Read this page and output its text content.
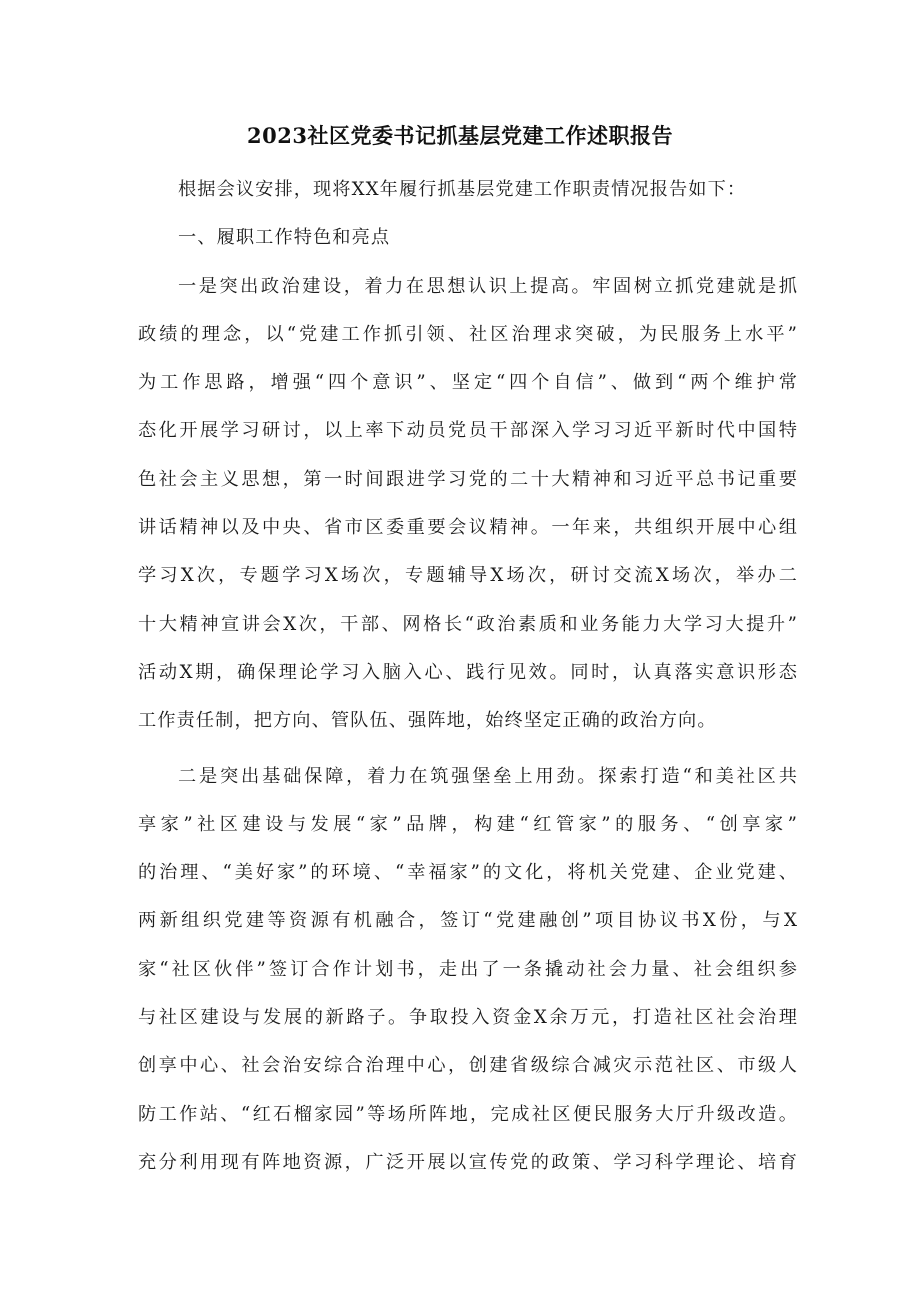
2023社区党委书记抓基层党建工作述职报告

根据会议安排，现将XX年履行抓基层党建工作职责情况报告如下：

一、履职工作特色和亮点

一是突出政治建设，着力在思想认识上提高。牢固树立抓党建就是抓
政绩的理念，以“党建工作抓引领、社区治理求突破，为民服务上水平”
为工作思路，增强“四个意识”、坚定“四个自信”、做到“两个维护常
态化开展学习研讨，以上率下动员党员干部深入学习习近平新时代中国特
色社会主义思想，第一时间跟进学习党的二十大精神和习近平总书记重要
讲话精神以及中央、省市区委重要会议精神。一年来，共组织开展中心组
学习X次，专题学习X场次，专题辅导X场次，研讨交流X场次，举办二
十大精神宣讲会X次，干部、网格长“政治素质和业务能力大学习大提升”
活动X期，确保理论学习入脑入心、践行见效。同时，认真落实意识形态
工作责任制，把方向、管队伍、强阵地，始终坚定正确的政治方向。

二是突出基础保障，着力在筑强堡垒上用劲。探索打造“和美社区共
享家”社区建设与发展“家”品牌，构建“红管家”的服务、“创享家”
的治理、“美好家”的环境、“幸福家”的文化，将机关党建、企业党建、
两新组织党建等资源有机融合，签订“党建融创”项目协议书X份，与X
家“社区伙伴”签订合作计划书，走出了一条撬动社会力量、社会组织参
与社区建设与发展的新路子。争取投入资金X余万元，打造社区社会治理
创享中心、社会治安综合治理中心，创建省级综合减灾示范社区、市级人
防工作站、“红石榴家园”等场所阵地，完成社区便民服务大厅升级改造。
充分利用现有阵地资源，广泛开展以宣传党的政策、学习科学理论、培育
